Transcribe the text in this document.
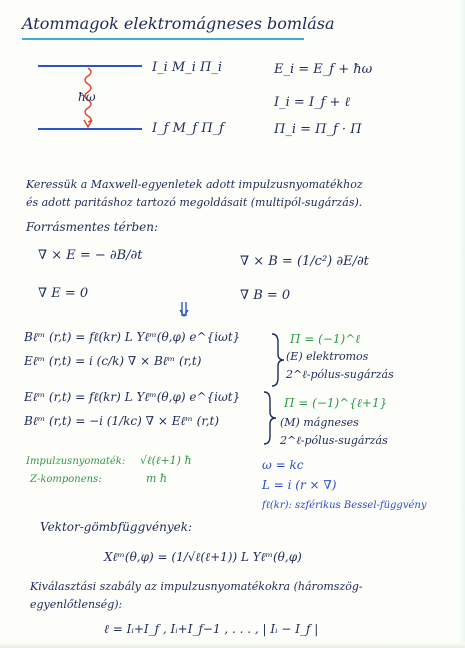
Atommagok elektromágneses bomlása
ħω
I_i M_i Π_i
I_f M_f Π_f
E_i = E_f + ħω
I_i = I_f + ℓ
Π_i = Π_f · Π
Keressük a Maxwell-egyenletek adott impulzusnyomatékhoz
és adott paritáshoz tartozó megoldásait (multipól-sugárzás).
Forrásmentes térben:
∇ × E = − ∂B/∂t	∇ × B = (1/c²) ∂E/∂t
∇ E = 0	∇ B = 0
Bℓᵐ (r,t) = fℓ(kr) L Yℓᵐ(θ,φ) e^{iωt}
Eℓᵐ (r,t) = i (c/k) ∇ × Bℓᵐ (r,t)
Π = (−1)^ℓ
(E) elektromos
2^ℓ-pólus-sugárzás
Eℓᵐ (r,t) = fℓ(kr) L Yℓᵐ(θ,φ) e^{iωt}
Bℓᵐ (r,t) = −i (1/kc) ∇ × Eℓᵐ (r,t)
Π = (−1)^{ℓ+1}
(M) mágneses
2^ℓ-pólus-sugárzás
Impulzusnyomaték: √ℓ(ℓ+1) ħ
Z-komponens:	m ħ
ω = kc
L = i (r × ∇)
fℓ(kr): szférikus Bessel-függvény
Vektor-gömbfüggvények:
Xℓᵐ(θ,φ) = (1/√ℓ(ℓ+1)) L Yℓᵐ(θ,φ)
Kiválasztási szabály az impulzusnyomatékokra (háromszög-
egyenlőtlenség):
ℓ = Iᵢ+I_f , Iᵢ+I_f−1 , . . . , | Iᵢ − I_f |
